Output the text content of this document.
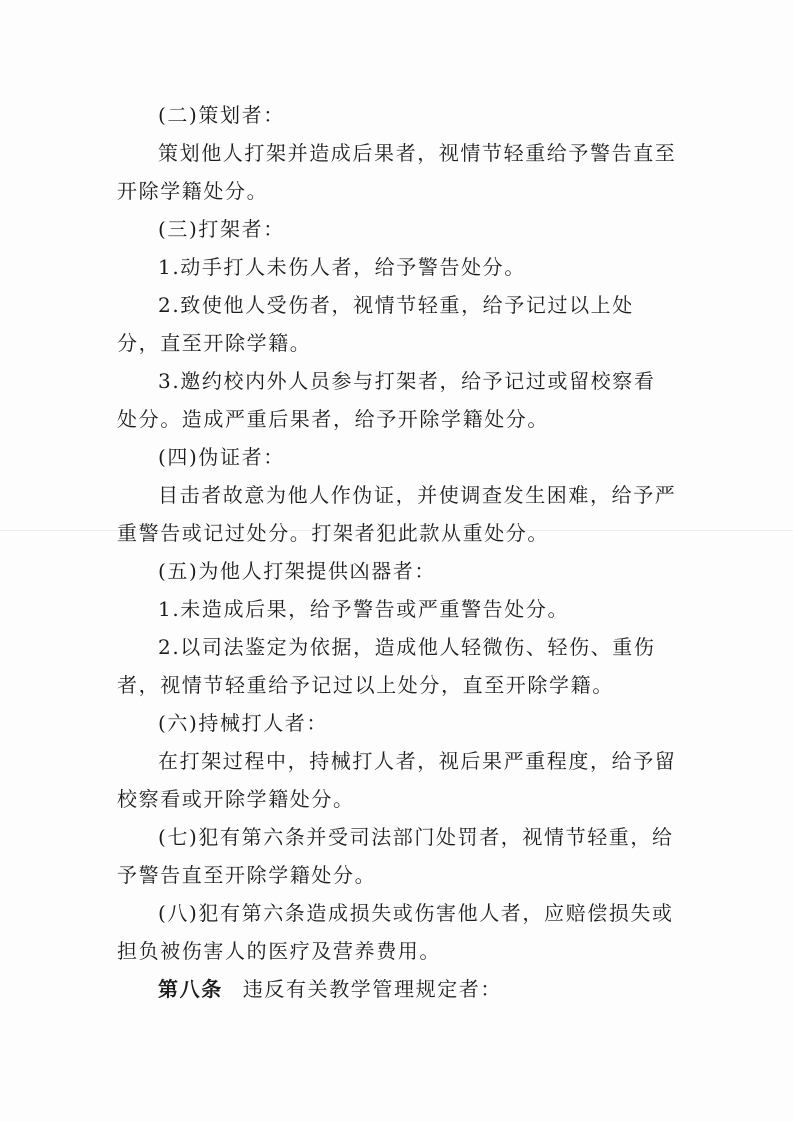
(二)策划者：

策划他人打架并造成后果者，视情节轻重给予警告直至开除学籍处分。

(三)打架者：

1.动手打人未伤人者，给予警告处分。

2.致使他人受伤者，视情节轻重，给予记过以上处分，直至开除学籍。

3.邀约校内外人员参与打架者，给予记过或留校察看处分。造成严重后果者，给予开除学籍处分。

(四)伪证者：

目击者故意为他人作伪证，并使调查发生困难，给予严重警告或记过处分。打架者犯此款从重处分。

(五)为他人打架提供凶器者：

1.未造成后果，给予警告或严重警告处分。

2.以司法鉴定为依据，造成他人轻微伤、轻伤、重伤者，视情节轻重给予记过以上处分，直至开除学籍。

(六)持械打人者：

在打架过程中，持械打人者，视后果严重程度，给予留校察看或开除学籍处分。

(七)犯有第六条并受司法部门处罚者，视情节轻重，给予警告直至开除学籍处分。

(八)犯有第六条造成损失或伤害他人者，应赔偿损失或担负被伤害人的医疗及营养费用。

第八条 违反有关教学管理规定者：
